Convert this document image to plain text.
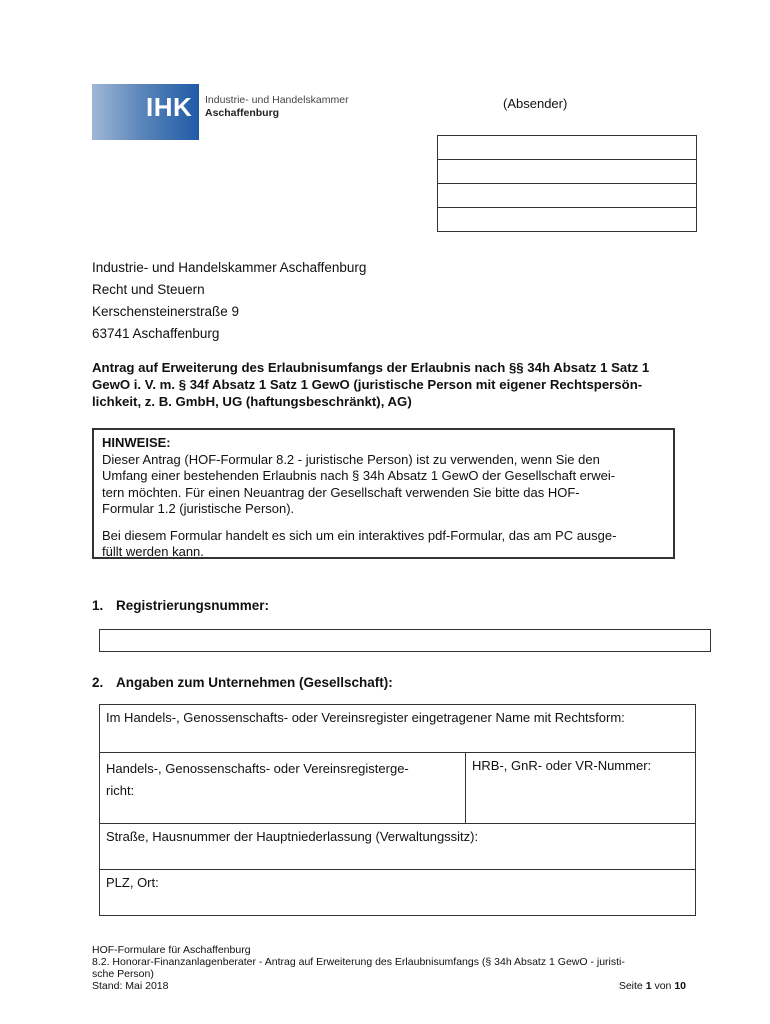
IHK Industrie- und Handelskammer
Aschaffenburg
(Absender)
Industrie- und Handelskammer Aschaffenburg
Recht und Steuern
Kerschensteinerstraße 9
63741 Aschaffenburg
Antrag auf Erweiterung des Erlaubnisumfangs der Erlaubnis nach §§ 34h Absatz 1 Satz 1
GewO i. V. m. § 34f Absatz 1 Satz 1 GewO (juristische Person mit eigener Rechtspersön-
lichkeit, z. B. GmbH, UG (haftungsbeschränkt), AG)
HINWEISE:

Dieser Antrag (HOF-Formular 8.2 - juristische Person) ist zu verwenden, wenn Sie den
Umfang einer bestehenden Erlaubnis nach § 34h Absatz 1 GewO der Gesellschaft erwei-
tern möchten. Für einen Neuantrag der Gesellschaft verwenden Sie bitte das HOF-
Formular 1.2 (juristische Person).

Bei diesem Formular handelt es sich um ein interaktives pdf-Formular, das am PC ausge-
füllt werden kann.

1. Registrierungsnummer:
2. Angaben zum Unternehmen (Gesellschaft):
Im Handels-, Genossenschafts- oder Vereinsregister eingetragener Name mit Rechtsform:
Handels-, Genossenschafts- oder Vereinsregisterge-
richt:
HRB-, GnR- oder VR-Nummer:
Straße, Hausnummer der Hauptniederlassung (Verwaltungssitz):
PLZ, Ort:
HOF-Formulare für Aschaffenburg
8.2. Honorar-Finanzanlagenberater - Antrag auf Erweiterung des Erlaubnisumfangs (§ 34h Absatz 1 GewO - juristi-
sche Person)
Stand: Mai 2018	Seite 1 von 10
